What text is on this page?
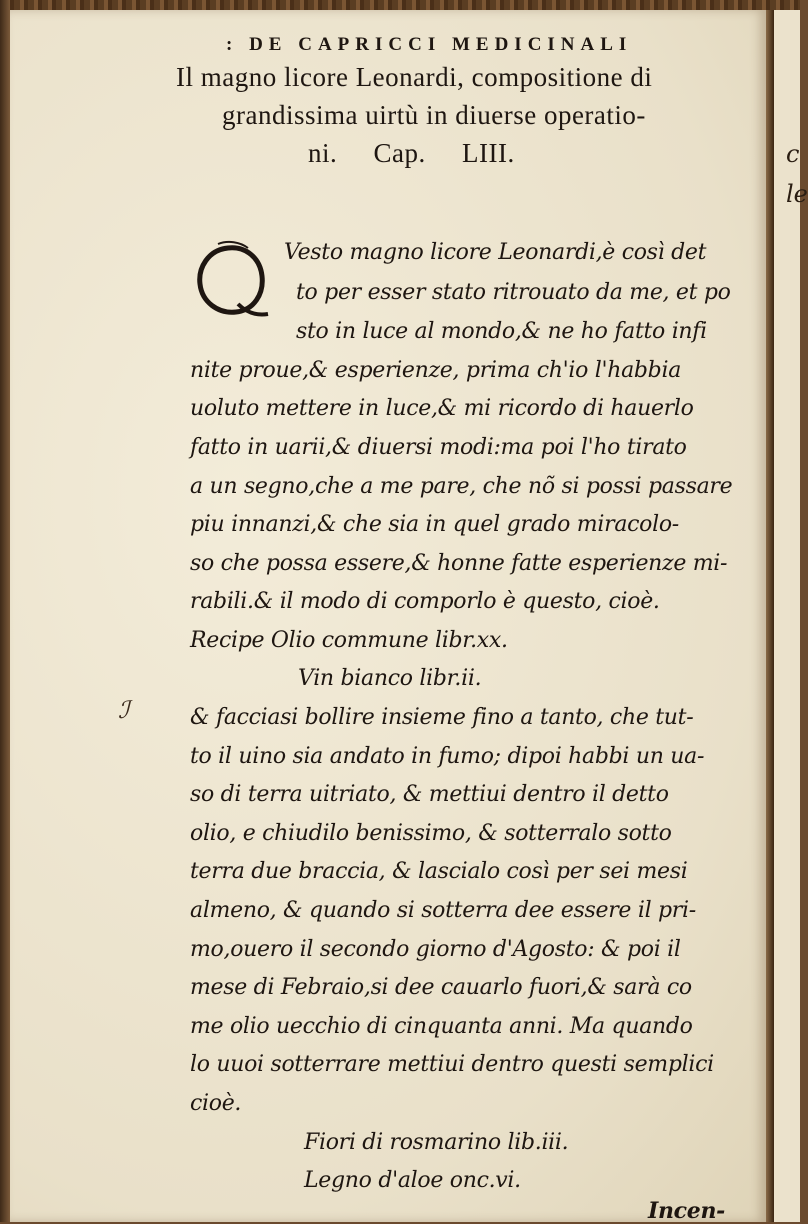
c
le
: DE CAPRICCI MEDICINALI
Il magno licore Leonardi, compositione di
grandissima uirtù in diuerse operatio-
ni.     Cap.     LIII.
Q
Vesto magno licore Leonardi,è così det
to per esser stato ritrouato da me, et po
sto in luce al mondo,& ne ho fatto infi
nite proue,& esperienze, prima ch'io l'habbia
uoluto mettere in luce,& mi ricordo di hauerlo
fatto in uarii,& diuersi modi:ma poi l'ho tirato
a un segno,che a me pare, che nõ si possi passare
piu innanzi,& che sia in quel grado miracolo-
so che possa essere,& honne fatte esperienze mi-
rabili.& il modo di comporlo è questo, cioè.
Recipe Olio commune libr.xx.
Vin bianco libr.ii.
& facciasi bollire insieme fino a tanto, che tut-
to il uino sia andato in fumo; dipoi habbi un ua-
so di terra uitriato, & mettiui dentro il detto
olio, e chiudilo benissimo, & sotterralo sotto
terra due braccia, & lascialo così per sei mesi
almeno, & quando si sotterra dee essere il pri-
mo,ouero il secondo giorno d'Agosto: & poi il
mese di Febraio,si dee cauarlo fuori,& sarà co
me olio uecchio di cinquanta anni. Ma quando
lo uuoi sotterrare mettiui dentro questi semplici
cioè.
Fiori di rosmarino lib.iii.
Legno d'aloe onc.vi.
Incen-
ℐ
